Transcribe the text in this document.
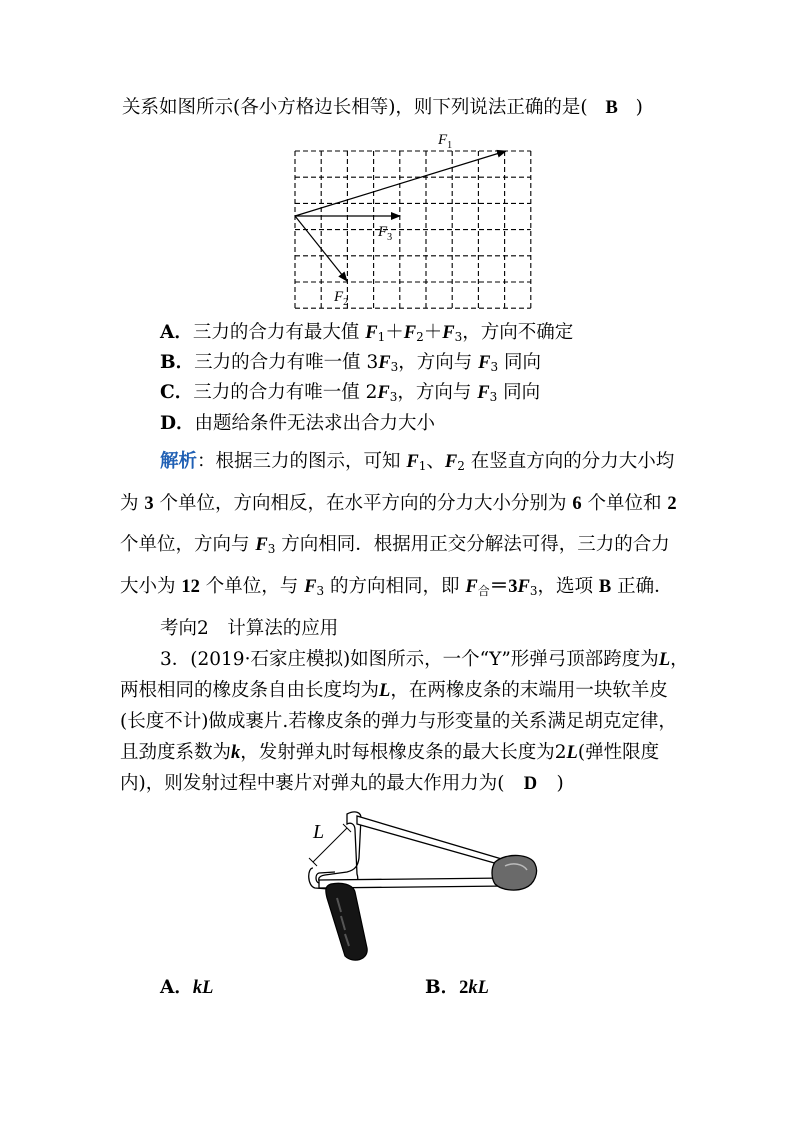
关系如图所示(各小方格边长相等)，则下列说法正确的是( B )
$F_1$
$F_3$
$F_2$
A．三力的合力有最大值 $F_1+F_2+F_3$，方向不确定
B．三力的合力有唯一值 $3F_3$，方向与 $F_3$ 同向
C．三力的合力有唯一值 $2F_3$，方向与 $F_3$ 同向
D．由题给条件无法求出合力大小
解析：根据三力的图示，可知 $F_1$、$F_2$ 在竖直方向的分力大小均
为 3 个单位，方向相反，在水平方向的分力大小分别为 6 个单位和 2
个单位，方向与 $F_3$ 方向相同．根据用正交分解法可得，三力的合力
大小为 12 个单位，与 $F_3$ 的方向相同，即 $F_合=3F_3$，选项 B 正确．
考向2　计算法的应用
3．(2019·石家庄模拟)如图所示，一个“Y”形弹弓顶部跨度为L，
两根相同的橡皮条自由长度均为L，在两橡皮条的末端用一块软羊皮
(长度不计)做成裹片.若橡皮条的弹力与形变量的关系满足胡克定律，
且劲度系数为k，发射弹丸时每根橡皮条的最大长度为2L(弹性限度
内)，则发射过程中裹片对弹丸的最大作用力为( D )
L
A．kL	B．2kL
